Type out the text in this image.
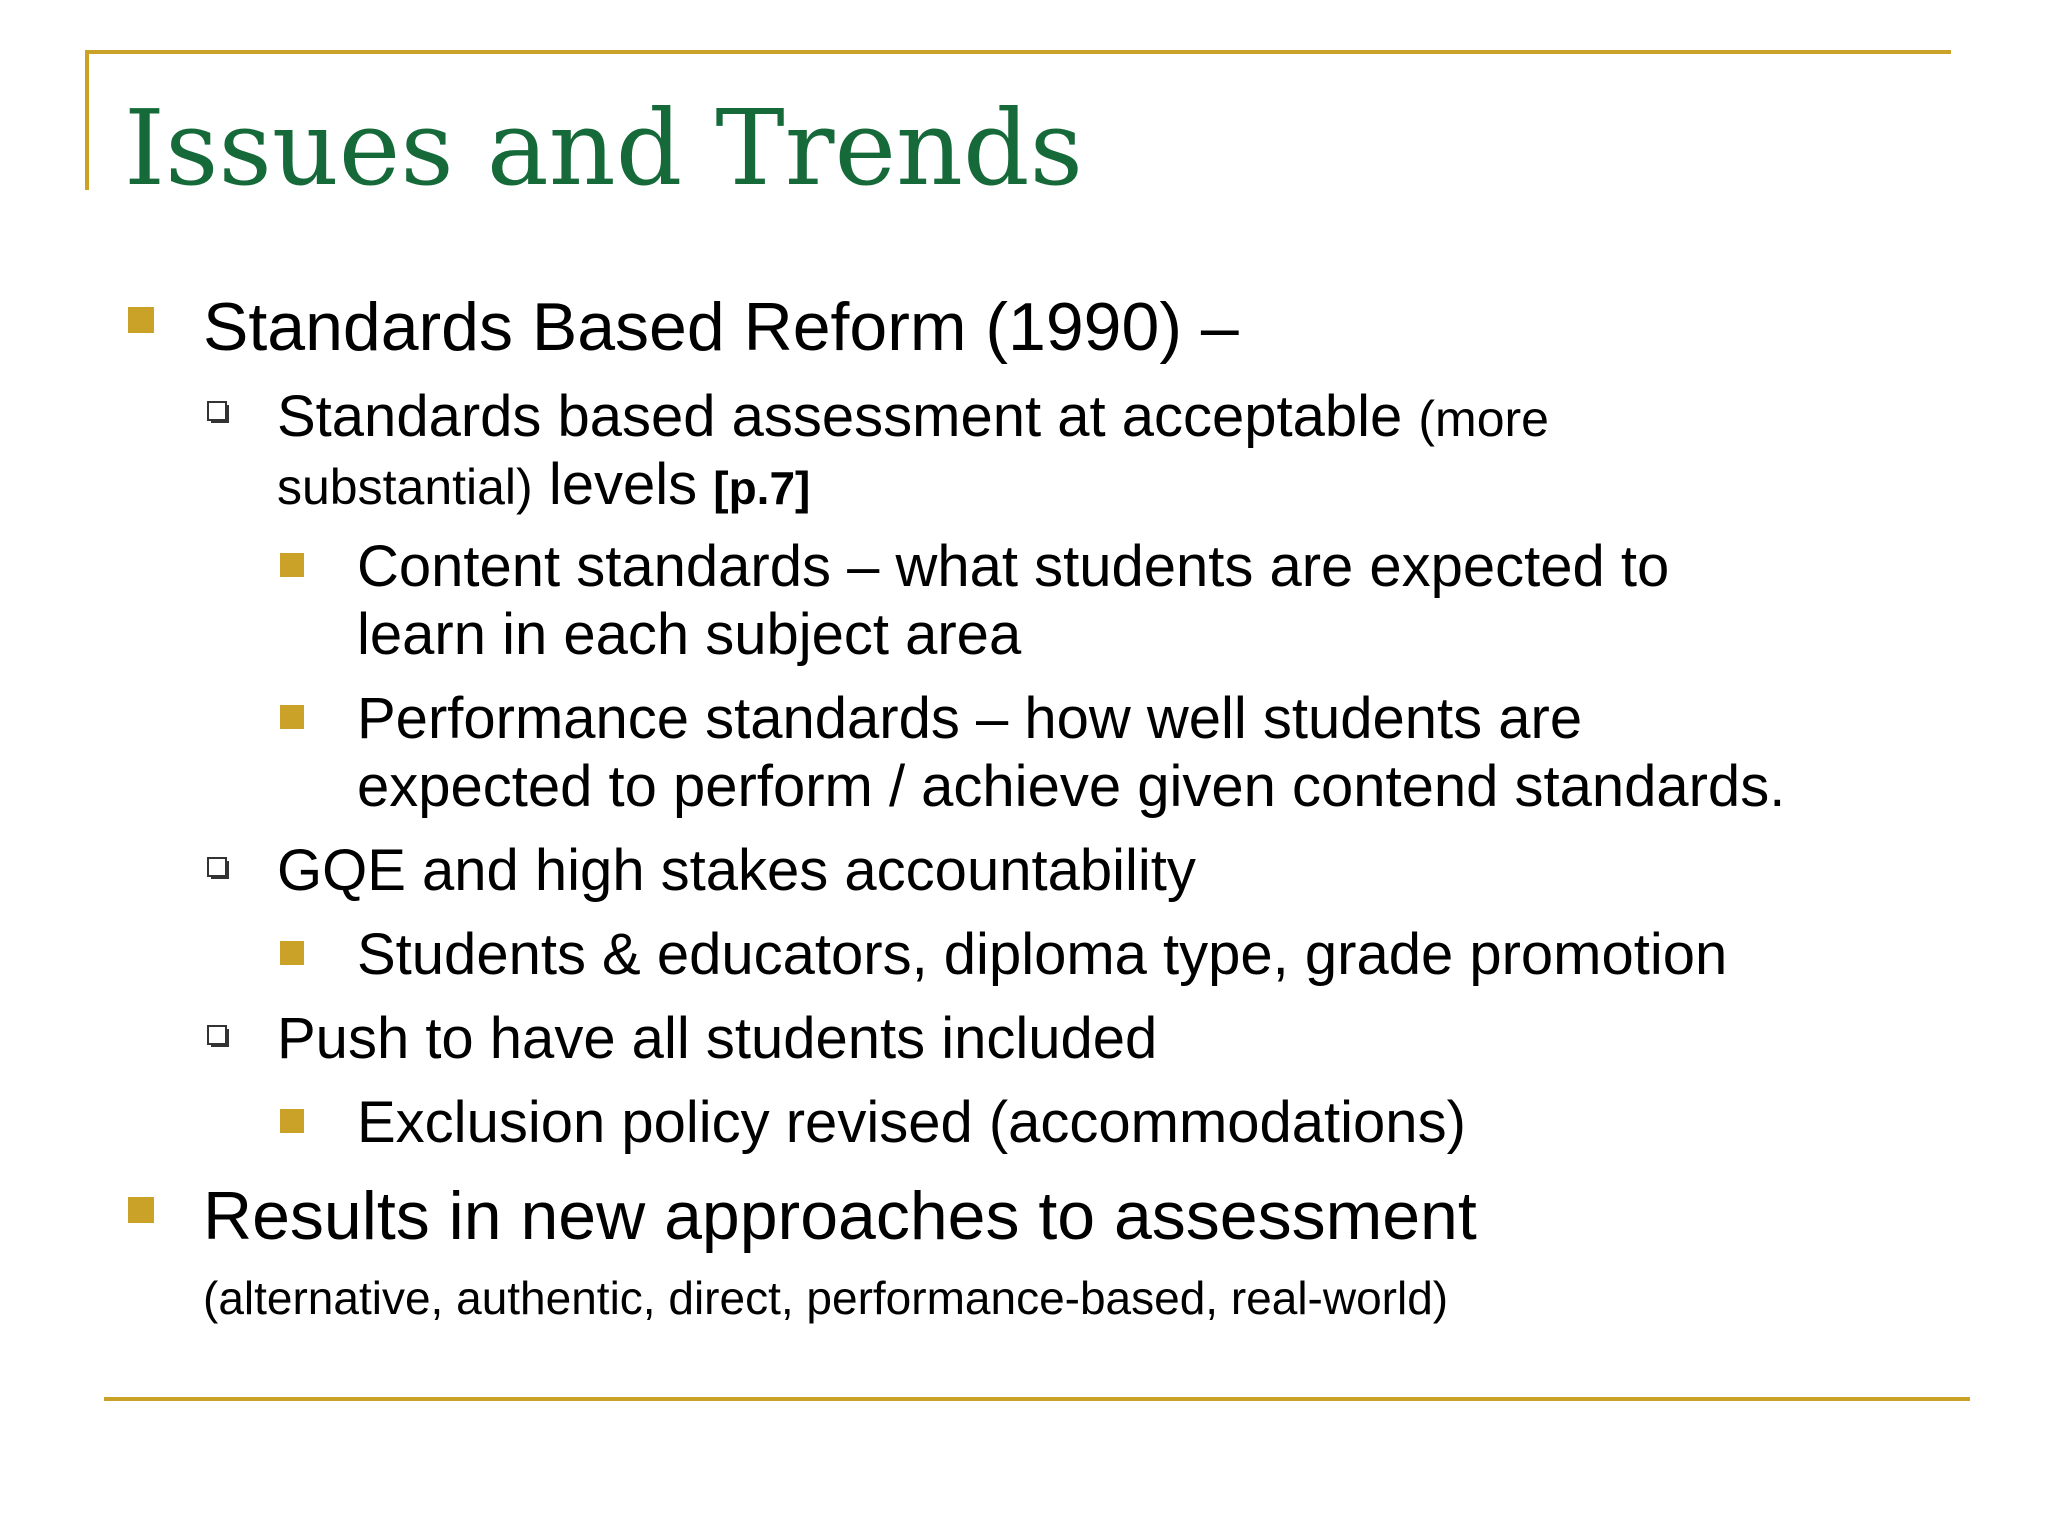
Issues and Trends
Standards Based Reform (1990) –
Standards based assessment at acceptable (more
substantial) levels [p.7]
Content standards – what students are expected to
learn in each subject area
Performance standards – how well students are
expected to perform / achieve given contend standards.
GQE and high stakes accountability
Students & educators, diploma type, grade promotion
Push to have all students included
Exclusion policy revised (accommodations)
Results in new approaches to assessment
(alternative, authentic, direct, performance-based, real-world)
